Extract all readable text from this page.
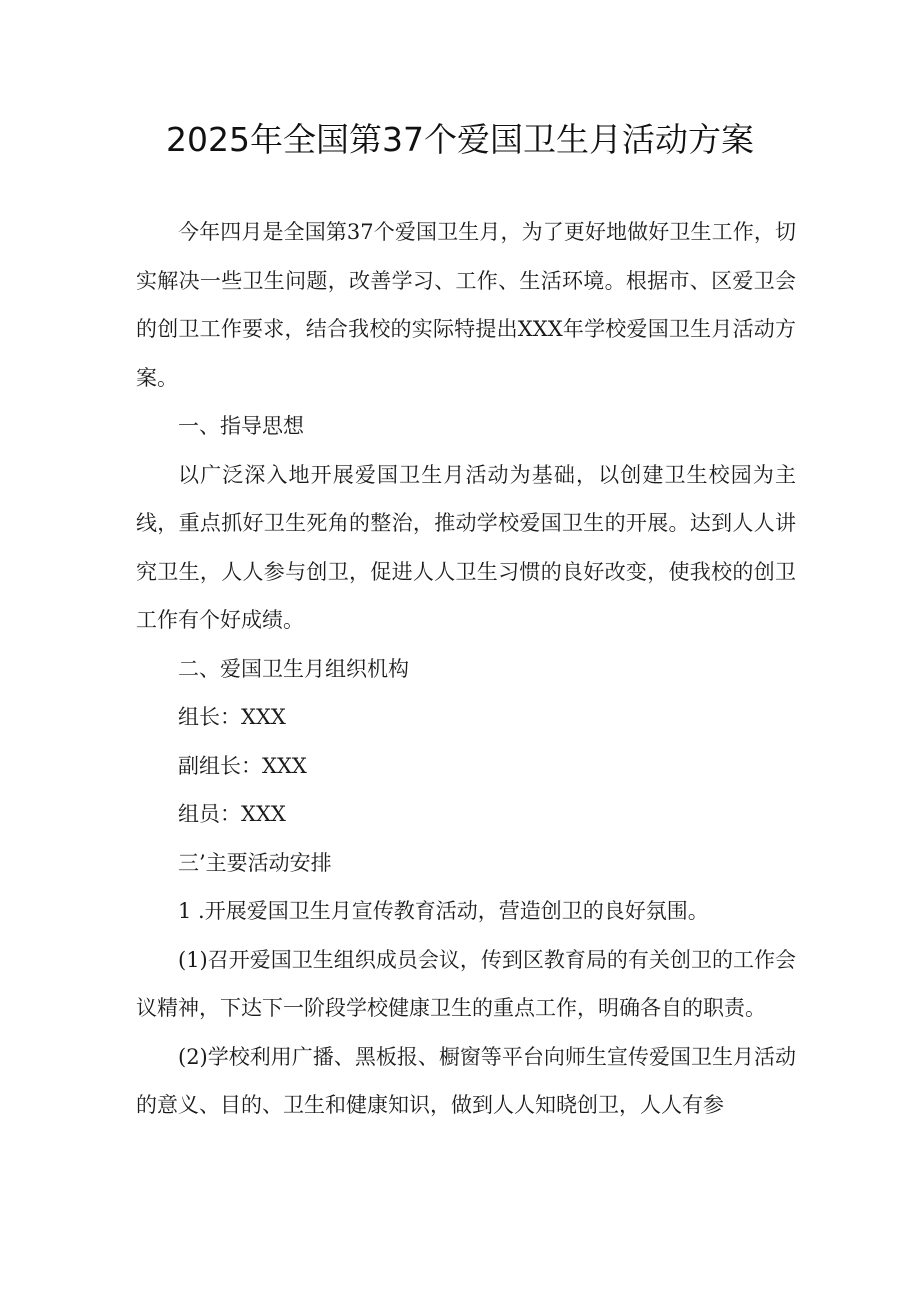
2025年全国第37个爱国卫生月活动方案

今年四月是全国第37个爱国卫生月，为了更好地做好卫生工作，切实解决一些卫生问题，改善学习、工作、生活环境。根据市、区爱卫会的创卫工作要求，结合我校的实际特提出XXX年学校爱国卫生月活动方案。

一、指导思想

以广泛深入地开展爱国卫生月活动为基础，以创建卫生校园为主线，重点抓好卫生死角的整治，推动学校爱国卫生的开展。达到人人讲究卫生，人人参与创卫，促进人人卫生习惯的良好改变，使我校的创卫工作有个好成绩。

二、爱国卫生月组织机构

组长：XXX

副组长：XXX

组员：XXX

三’主要活动安排

1 .开展爱国卫生月宣传教育活动，营造创卫的良好氛围。

(1)召开爱国卫生组织成员会议，传到区教育局的有关创卫的工作会议精神，下达下一阶段学校健康卫生的重点工作，明确各自的职责。

(2)学校利用广播、黑板报、橱窗等平台向师生宣传爱国卫生月活动的意义、目的、卫生和健康知识，做到人人知晓创卫，人人有参
